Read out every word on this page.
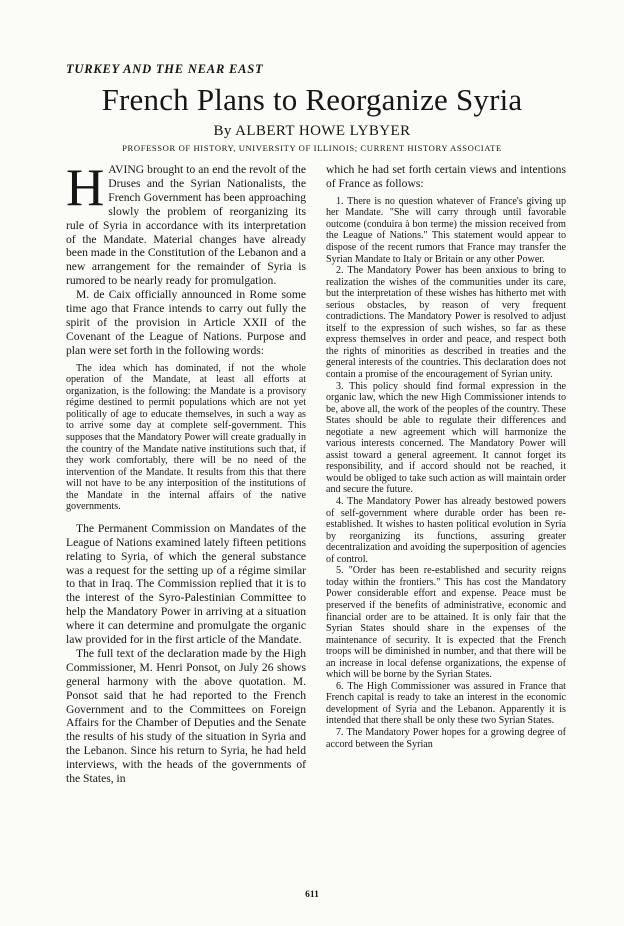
TURKEY AND THE NEAR EAST
French Plans to Reorganize Syria
By ALBERT HOWE LYBYER
PROFESSOR OF HISTORY, UNIVERSITY OF ILLINOIS; CURRENT HISTORY ASSOCIATE

HAVING brought to an end the revolt of the Druses and the Syrian Nationalists, the French Government has been approaching slowly the problem of reorganizing its rule of Syria in accordance with its interpretation of the Mandate. Material changes have already been made in the Constitution of the Lebanon and a new arrangement for the remainder of Syria is rumored to be nearly ready for promulgation.

M. de Caix officially announced in Rome some time ago that France intends to carry out fully the spirit of the provision in Article XXII of the Covenant of the League of Nations. Purpose and plan were set forth in the following words:

The idea which has dominated, if not the whole operation of the Mandate, at least all efforts at organization, is the following: the Mandate is a provisory régime destined to permit populations which are not yet politically of age to educate themselves, in such a way as to arrive some day at complete self-government. This supposes that the Mandatory Power will create gradually in the country of the Mandate native institutions such that, if they work comfortably, there will be no need of the intervention of the Mandate. It results from this that there will not have to be any interposition of the institutions of the Mandate in the internal affairs of the native governments.

The Permanent Commission on Mandates of the League of Nations examined lately fifteen petitions relating to Syria, of which the general substance was a request for the setting up of a régime similar to that in Iraq. The Commission replied that it is to the interest of the Syro-Palestinian Committee to help the Mandatory Power in arriving at a situation where it can determine and promulgate the organic law provided for in the first article of the Mandate.

The full text of the declaration made by the High Commissioner, M. Henri Ponsot, on July 26 shows general harmony with the above quotation. M. Ponsot said that he had reported to the French Government and to the Committees on Foreign Affairs for the Chamber of Deputies and the Senate the results of his study of the situation in Syria and the Lebanon. Since his return to Syria, he had held interviews, with the heads of the governments of the States, in

which he had set forth certain views and intentions of France as follows:

1. There is no question whatever of France's giving up her Mandate. "She will carry through until favorable outcome (conduira à bon terme) the mission received from the League of Nations." This statement would appear to dispose of the recent rumors that France may transfer the Syrian Mandate to Italy or Britain or any other Power.

2. The Mandatory Power has been anxious to bring to realization the wishes of the communities under its care, but the interpretation of these wishes has hitherto met with serious obstacles, by reason of very frequent contradictions. The Mandatory Power is resolved to adjust itself to the expression of such wishes, so far as these express themselves in order and peace, and respect both the rights of minorities as described in treaties and the general interests of the countries. This declaration does not contain a promise of the encouragement of Syrian unity.

3. This policy should find formal expression in the organic law, which the new High Commissioner intends to be, above all, the work of the peoples of the country. These States should be able to regulate their differences and negotiate a new agreement which will harmonize the various interests concerned. The Mandatory Power will assist toward a general agreement. It cannot forget its responsibility, and if accord should not be reached, it would be obliged to take such action as will maintain order and secure the future.

4. The Mandatory Power has already bestowed powers of self-government where durable order has been re-established. It wishes to hasten political evolution in Syria by reorganizing its functions, assuring greater decentralization and avoiding the superposition of agencies of control.

5. "Order has been re-established and security reigns today within the frontiers." This has cost the Mandatory Power considerable effort and expense. Peace must be preserved if the benefits of administrative, economic and financial order are to be attained. It is only fair that the Syrian States should share in the expenses of the maintenance of security. It is expected that the French troops will be diminished in number, and that there will be an increase in local defense organizations, the expense of which will be borne by the Syrian States.

6. The High Commissioner was assured in France that French capital is ready to take an interest in the economic development of Syria and the Lebanon. Apparently it is intended that there shall be only these two Syrian States.

7. The Mandatory Power hopes for a growing degree of accord between the Syrian

611
